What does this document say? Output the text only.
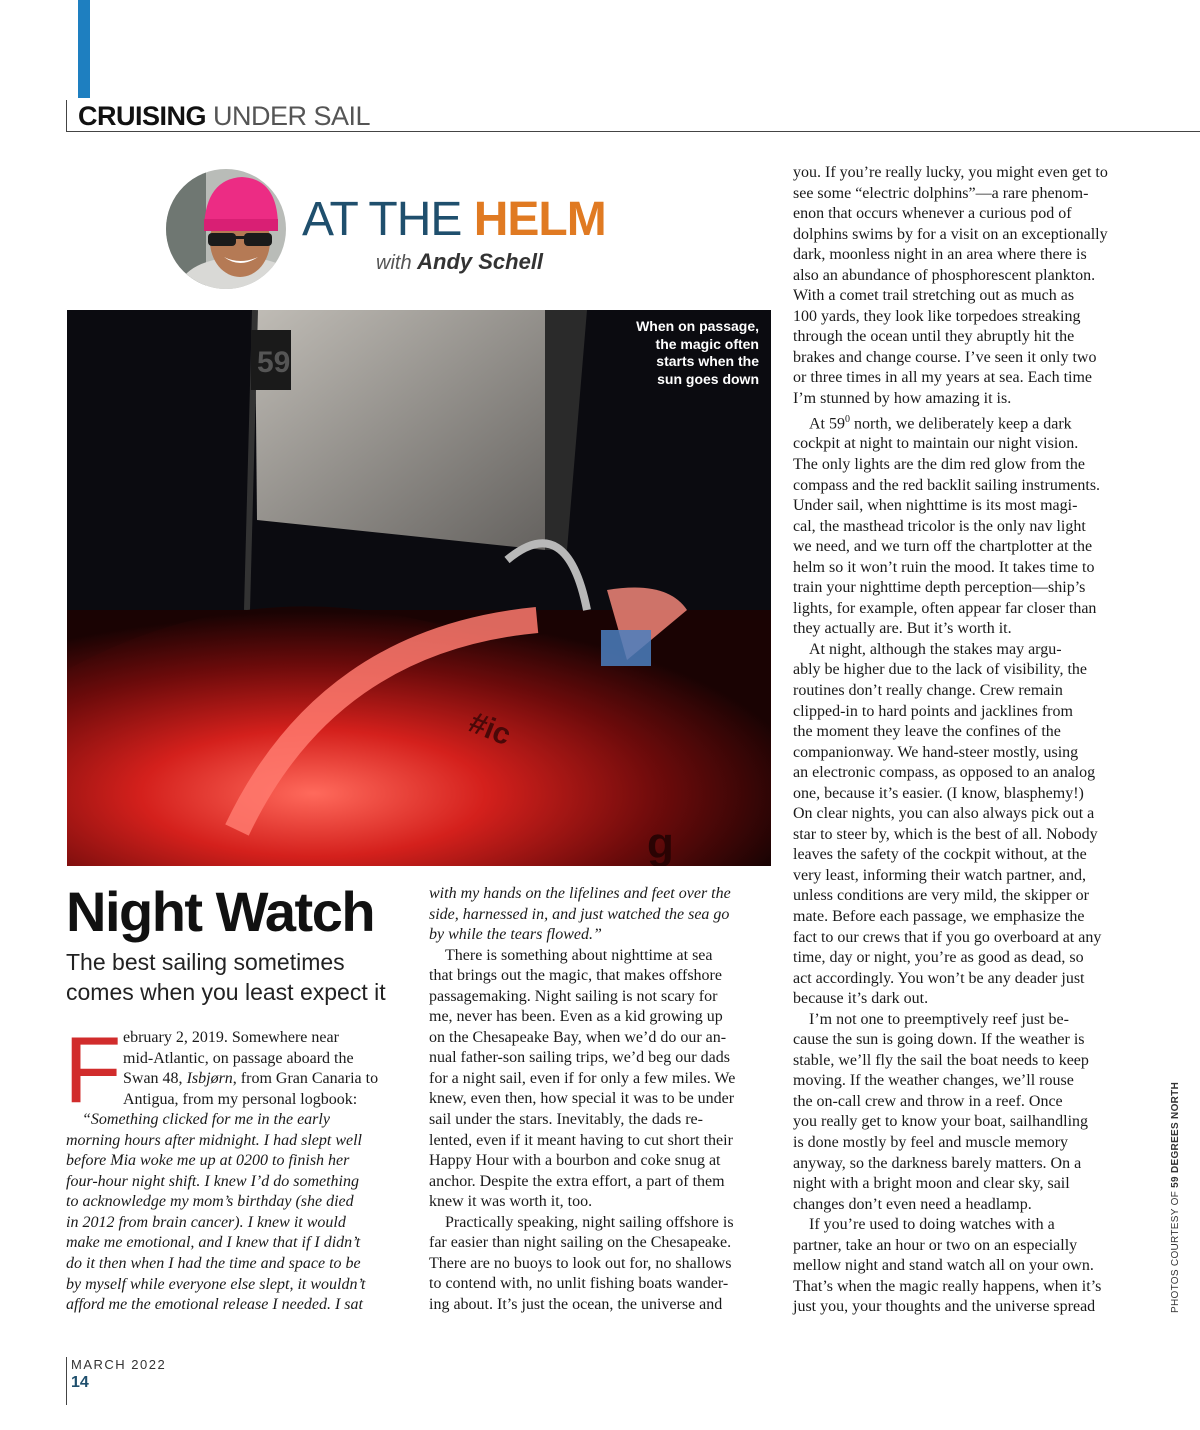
CRUISING UNDER SAIL
AT THE HELM
with Andy Schell
59
#ic
g
When on passage,
the magic often
starts when the
sun goes down
Night Watch
The best sailing sometimes
comes when you least expect it
F ebruary 2, 2019. Somewhere near
mid-Atlantic, on passage aboard the
Swan 48, Isbjørn, from Gran Canaria to
Antigua, from my personal logbook:
“Something clicked for me in the early
morning hours after midnight. I had slept well
before Mia woke me up at 0200 to finish her
four-hour night shift. I knew I’d do something
to acknowledge my mom’s birthday (she died
in 2012 from brain cancer). I knew it would
make me emotional, and I knew that if I didn’t
do it then when I had the time and space to be
by myself while everyone else slept, it wouldn’t
afford me the emotional release I needed. I sat
with my hands on the lifelines and feet over the
side, harnessed in, and just watched the sea go
by while the tears flowed.”
There is something about nighttime at sea
that brings out the magic, that makes offshore
passagemaking. Night sailing is not scary for
me, never has been. Even as a kid growing up
on the Chesapeake Bay, when we’d do our an-
nual father-son sailing trips, we’d beg our dads
for a night sail, even if for only a few miles. We
knew, even then, how special it was to be under
sail under the stars. Inevitably, the dads re-
lented, even if it meant having to cut short their
Happy Hour with a bourbon and coke snug at
anchor. Despite the extra effort, a part of them
knew it was worth it, too.
Practically speaking, night sailing offshore is
far easier than night sailing on the Chesapeake.
There are no buoys to look out for, no shallows
to contend with, no unlit fishing boats wander-
ing about. It’s just the ocean, the universe and
you. If you’re really lucky, you might even get to
see some “electric dolphins”—a rare phenom-
enon that occurs whenever a curious pod of
dolphins swims by for a visit on an exceptionally
dark, moonless night in an area where there is
also an abundance of phosphorescent plankton.
With a comet trail stretching out as much as
100 yards, they look like torpedoes streaking
through the ocean until they abruptly hit the
brakes and change course. I’ve seen it only two
or three times in all my years at sea. Each time
I’m stunned by how amazing it is.
At $59^0$ north, we deliberately keep a dark
cockpit at night to maintain our night vision.
The only lights are the dim red glow from the
compass and the red backlit sailing instruments.
Under sail, when nighttime is its most magi-
cal, the masthead tricolor is the only nav light
we need, and we turn off the chartplotter at the
helm so it won’t ruin the mood. It takes time to
train your nighttime depth perception—ship’s
lights, for example, often appear far closer than
they actually are. But it’s worth it.
At night, although the stakes may argu-
ably be higher due to the lack of visibility, the
routines don’t really change. Crew remain
clipped-in to hard points and jacklines from
the moment they leave the confines of the
companionway. We hand-steer mostly, using
an electronic compass, as opposed to an analog
one, because it’s easier. (I know, blasphemy!)
On clear nights, you can also always pick out a
star to steer by, which is the best of all. Nobody
leaves the safety of the cockpit without, at the
very least, informing their watch partner, and,
unless conditions are very mild, the skipper or
mate. Before each passage, we emphasize the
fact to our crews that if you go overboard at any
time, day or night, you’re as good as dead, so
act accordingly. You won’t be any deader just
because it’s dark out.
I’m not one to preemptively reef just be-
cause the sun is going down. If the weather is
stable, we’ll fly the sail the boat needs to keep
moving. If the weather changes, we’ll rouse
the on-call crew and throw in a reef. Once
you really get to know your boat, sailhandling
is done mostly by feel and muscle memory
anyway, so the darkness barely matters. On a
night with a bright moon and clear sky, sail
changes don’t even need a headlamp.
If you’re used to doing watches with a
partner, take an hour or two on an especially
mellow night and stand watch all on your own.
That’s when the magic really happens, when it’s
just you, your thoughts and the universe spread	PHOTOS COURTESY OF 59 DEGREES NORTH
MARCH 2022
14
